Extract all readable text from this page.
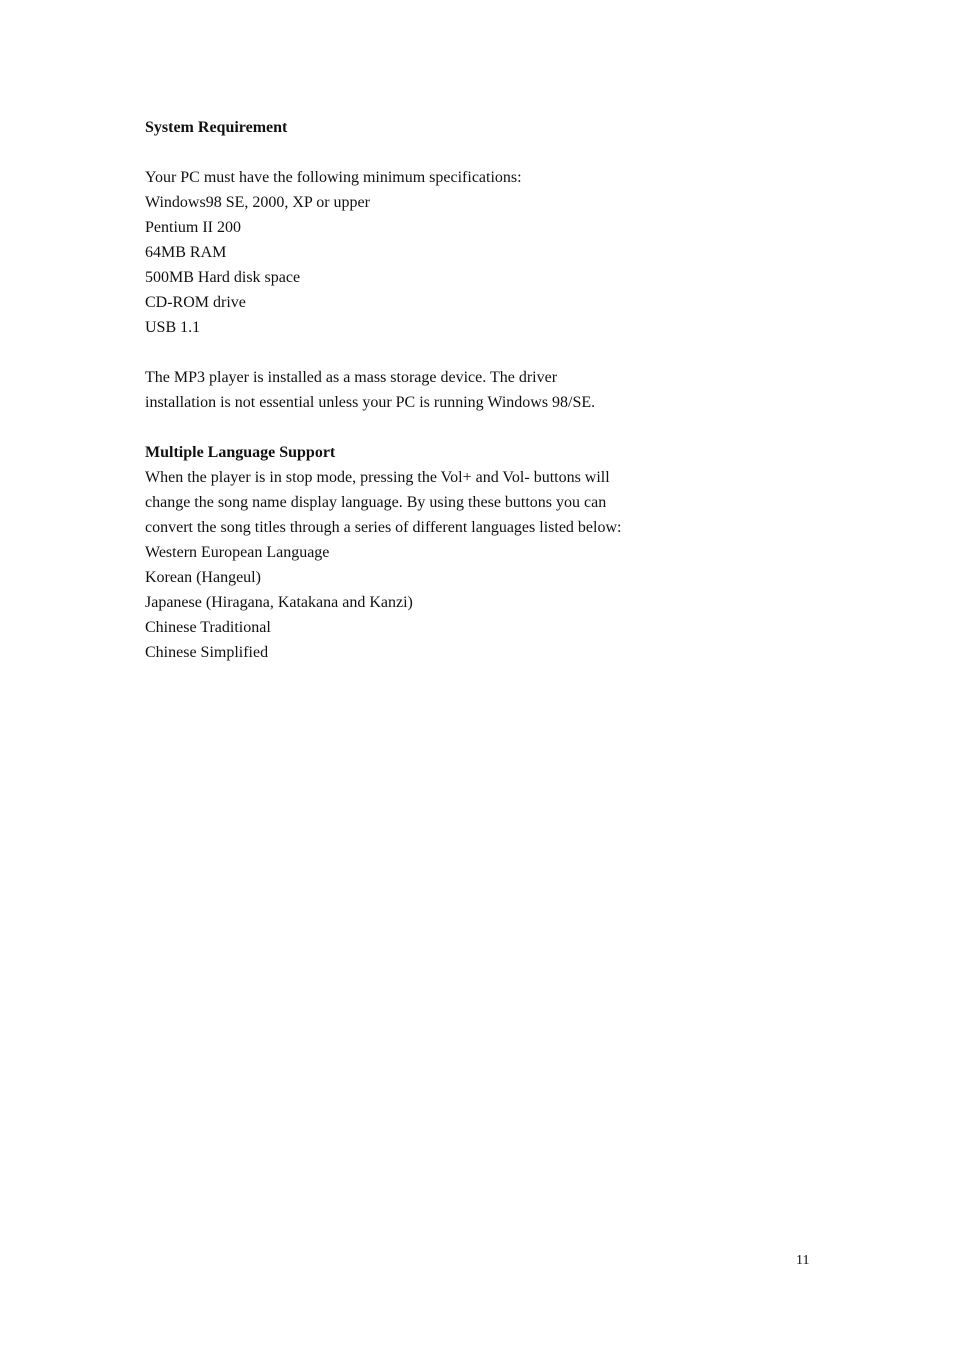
System Requirement

Your PC must have the following minimum specifications:

Windows98 SE, 2000, XP or upper

Pentium II 200

64MB RAM

500MB Hard disk space

CD-ROM drive

USB 1.1

The MP3 player is installed as a mass storage device. The driver

installation is not essential unless your PC is running Windows 98/SE.

Multiple Language Support

When the player is in stop mode, pressing the Vol+ and Vol- buttons will

change the song name display language. By using these buttons you can

convert the song titles through a series of different languages listed below:

Western European Language

Korean (Hangeul)

Japanese (Hiragana, Katakana and Kanzi)

Chinese Traditional

Chinese Simplified

11
